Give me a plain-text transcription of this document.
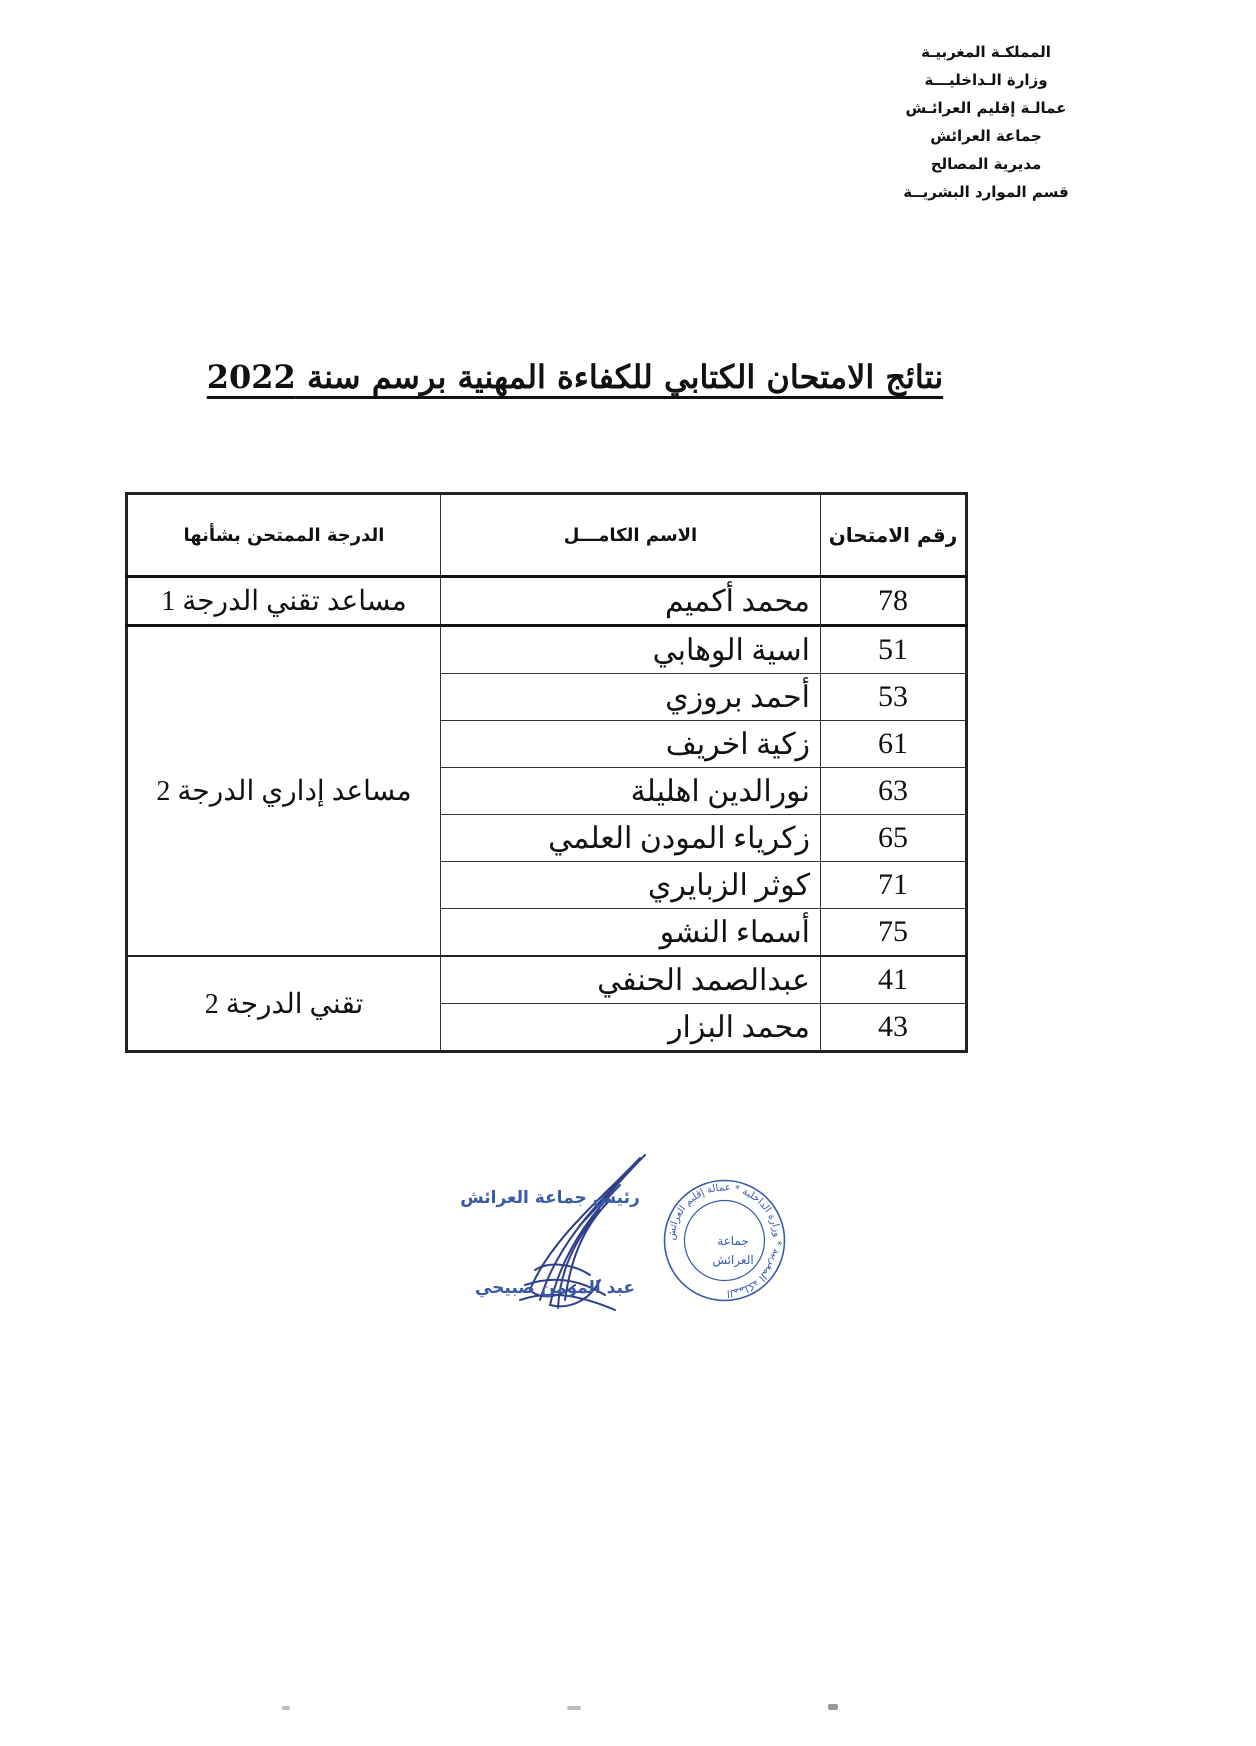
المملكـة المغربيـة
وزارة الـداخليـــة
عمالـة إقليم العرائـش
جماعة العرائش
مديرية المصالح
قسم الموارد البشريــة
نتائج الامتحان الكتابي للكفاءة المهنية برسم سنة 2022
رقم الامتحان	الاسم الكامـــل	الدرجة الممتحن بشأنها
78	محمد أكميم	مساعد تقني الدرجة 1
51	اسية الوهابي	مساعد إداري الدرجة 2
53	أحمد بروزي	
61	زكية اخريف	
63	نورالدين اهليلة	
65	زكرياء المودن العلمي	
71	كوثر الزبايري	
75	أسماء النشو	
41	عبدالصمد الحنفي	تقني الدرجة 2
43	محمد البزار	
رئيس جماعة العرائش
عبد المومن صبيحي
المملكة المغربية * وزارة الداخلية * عمالة إقليم العرائش
جماعة
العرائش
